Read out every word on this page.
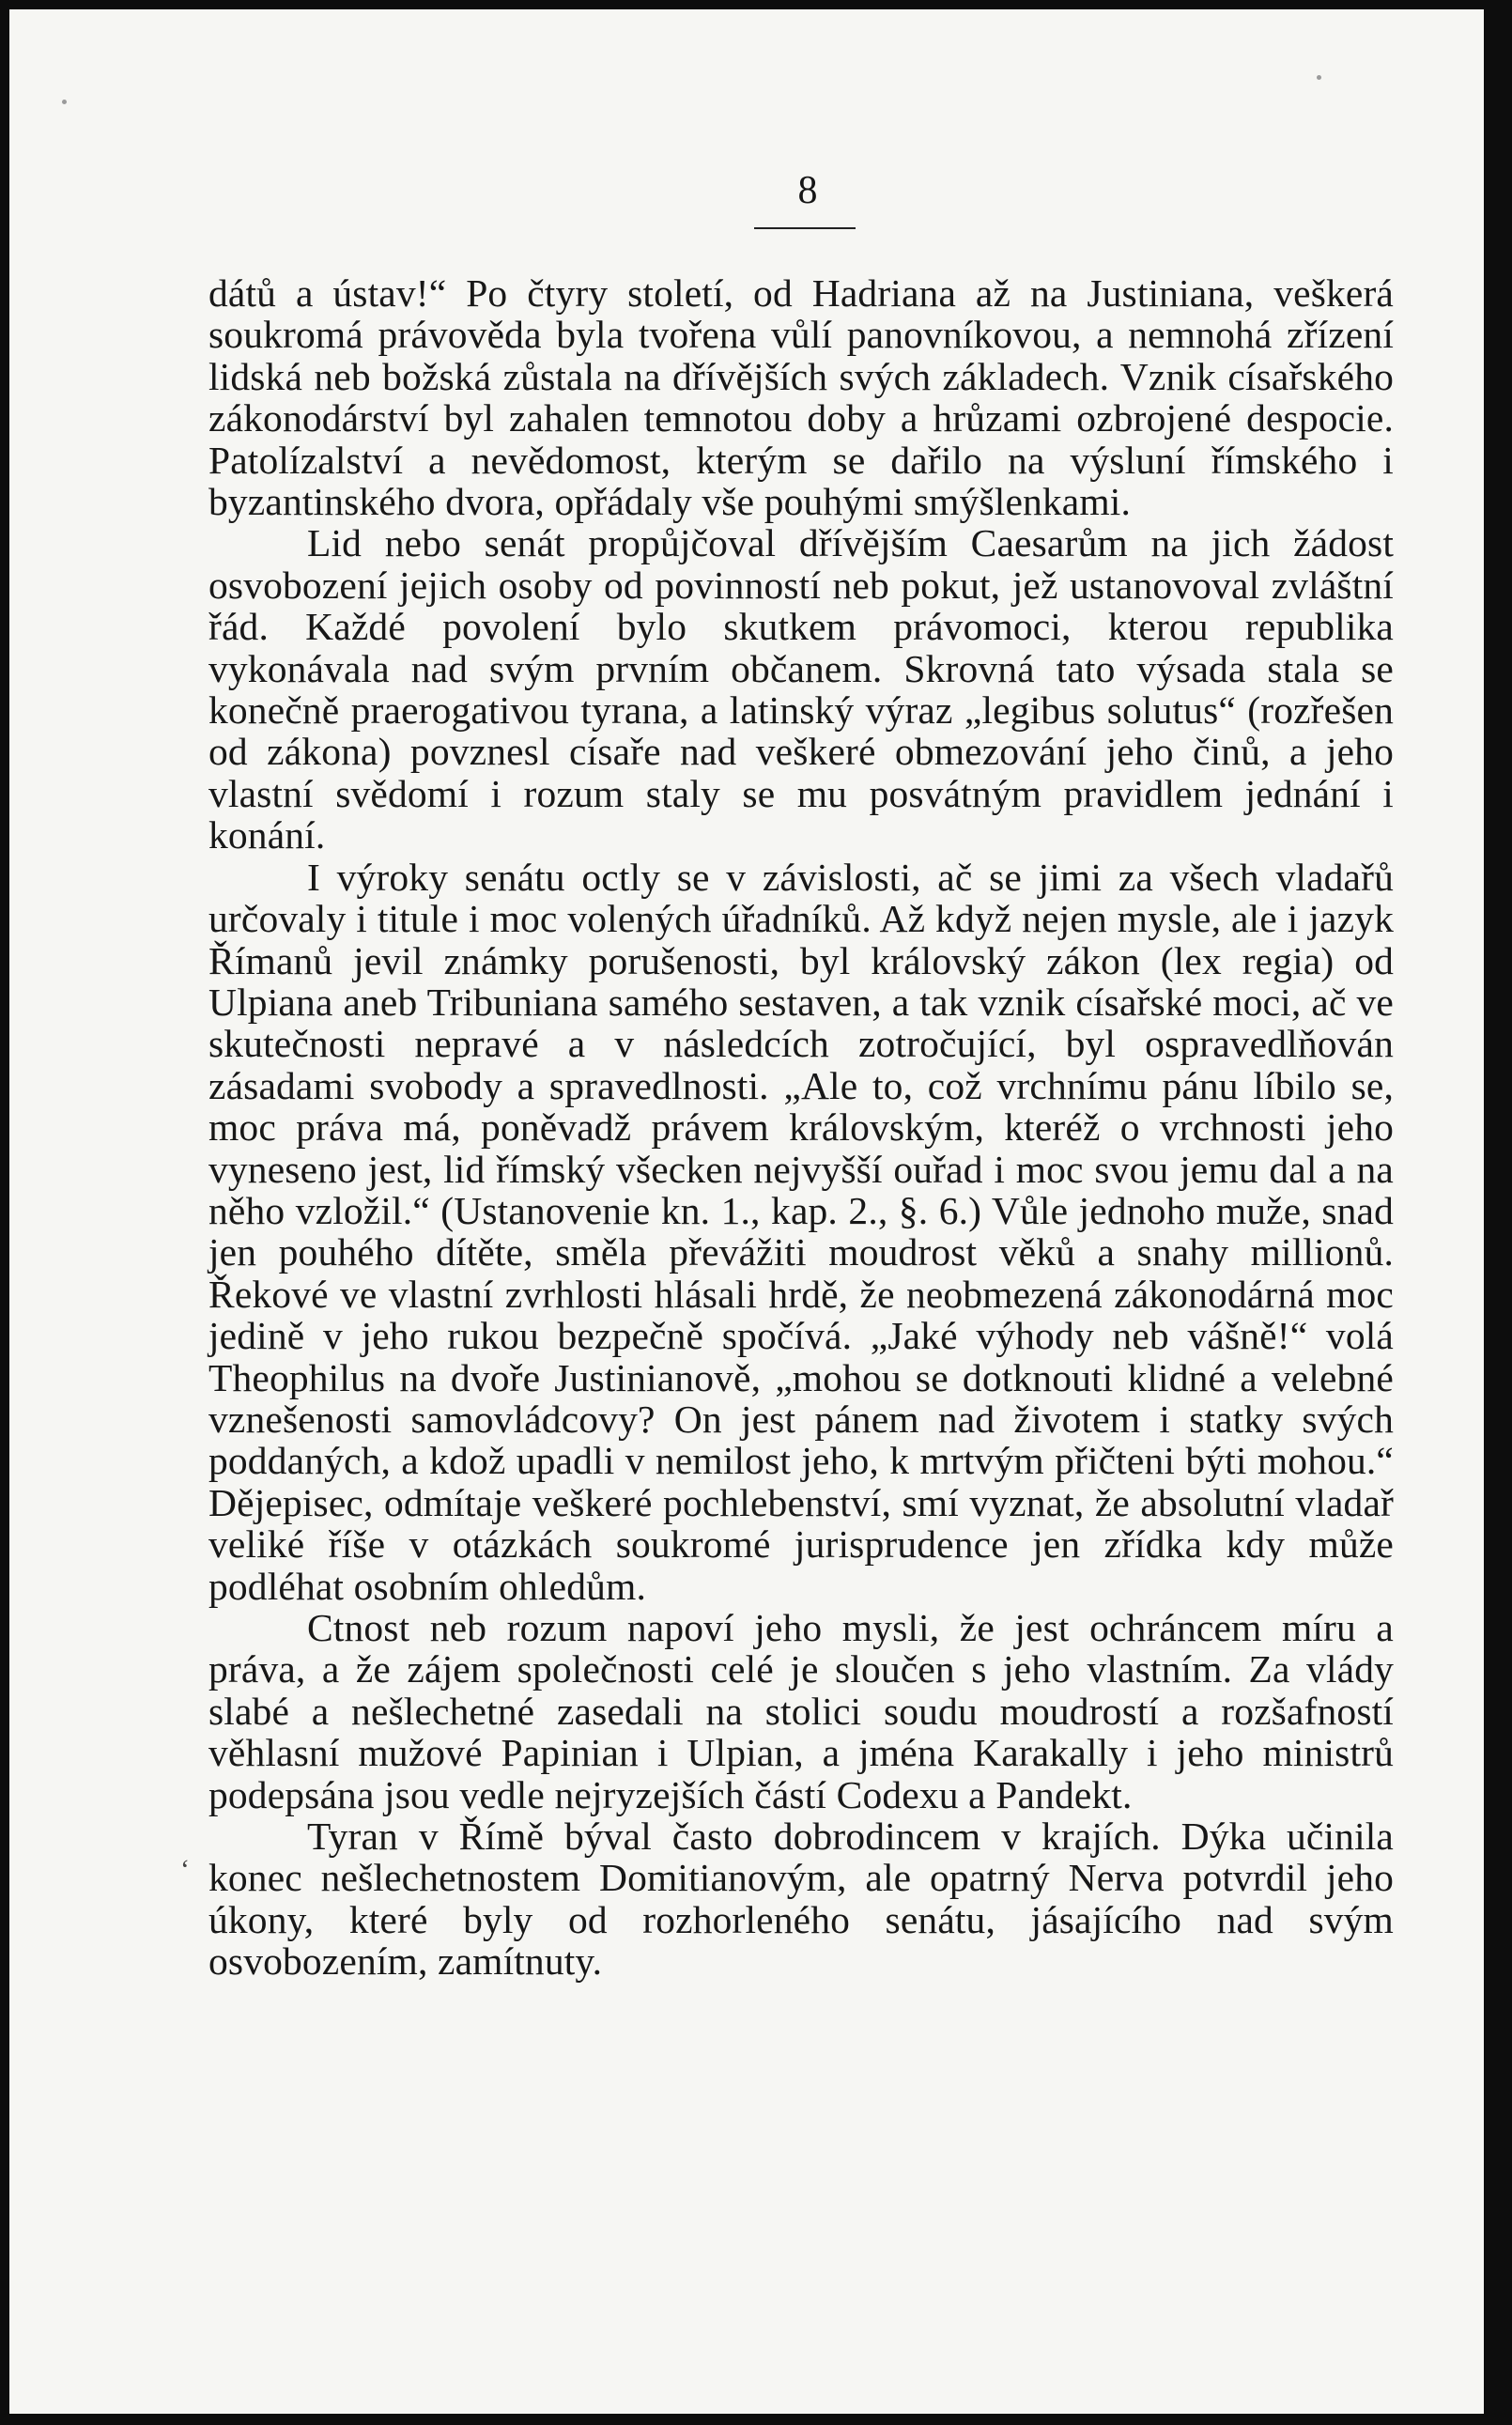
8
‘

dátů a ústav!“ Po čtyry století, od Hadriana až na Justiniana, veškerá soukromá právověda byla tvořena vůlí panovníkovou, a nemnohá zřízení lidská neb božská zůstala na dřívějších svých základech. Vznik císařského zákonodárství byl zahalen temnotou doby a hrůzami ozbrojené despocie. Patolízalství a nevědomost, kterým se dařilo na výsluní římského i byzantinského dvora, opřádaly vše pouhými smýšlenkami.

Lid nebo senát propůjčoval dřívějším Caesarům na jich žádost osvobození jejich osoby od povinností neb pokut, jež ustanovoval zvláštní řád. Každé povolení bylo skutkem právomoci, kterou republika vykonávala nad svým prvním občanem. Skrovná tato výsada stala se konečně praerogativou tyrana, a latinský výraz „legibus solutus“ (rozřešen od zákona) povznesl císaře nad veškeré obmezování jeho činů, a jeho vlastní svědomí i rozum staly se mu posvátným pravidlem jednání i konání.

I výroky senátu octly se v závislosti, ač se jimi za všech vladařů určovaly i titule i moc volených úřadníků. Až když nejen mysle, ale i jazyk Římanů jevil známky porušenosti, byl královský zákon (lex regia) od Ulpiana aneb Tribuniana samého sestaven, a tak vznik císařské moci, ač ve skutečnosti nepravé a v následcích zotročující, byl ospravedlňován zásadami svobody a spravedlnosti. „Ale to, což vrchnímu pánu líbilo se, moc práva má, poněvadž právem královským, kteréž o vrchnosti jeho vyneseno jest, lid římský všecken nejvyšší ouřad i moc svou jemu dal a na něho vzložil.“ (Ustanovenie kn. 1., kap. 2., §. 6.) Vůle jednoho muže, snad jen pouhého dítěte, směla převážiti moudrost věků a snahy millionů. Řekové ve vlastní zvrhlosti hlásali hrdě, že neobmezená zákonodárná moc jedině v jeho rukou bezpečně spočívá. „Jaké výhody neb vášně!“ volá Theophilus na dvoře Justinianově, „mohou se dotknouti klidné a velebné vznešenosti samovládcovy? On jest pánem nad životem i statky svých poddaných, a kdož upadli v nemilost jeho, k mrtvým přičteni býti mohou.“ Dějepisec, odmítaje veškeré pochlebenství, smí vyznat, že absolutní vladař veliké říše v otázkách soukromé jurisprudence jen zřídka kdy může podléhat osobním ohledům.

Ctnost neb rozum napoví jeho mysli, že jest ochráncem míru a práva, a že zájem společnosti celé je sloučen s jeho vlastním. Za vlády slabé a nešlechetné zasedali na stolici soudu moudrostí a rozšafností věhlasní mužové Papinian i Ulpian, a jména Karakally i jeho ministrů podepsána jsou vedle nejryzejších částí Codexu a Pandekt.

Tyran v Římě býval často dobrodincem v krajích. Dýka učinila konec nešlechetnostem Domitianovým, ale opatrný Nerva potvrdil jeho úkony, které byly od rozhorleného senátu, jásajícího nad svým osvobozením, zamítnuty.
